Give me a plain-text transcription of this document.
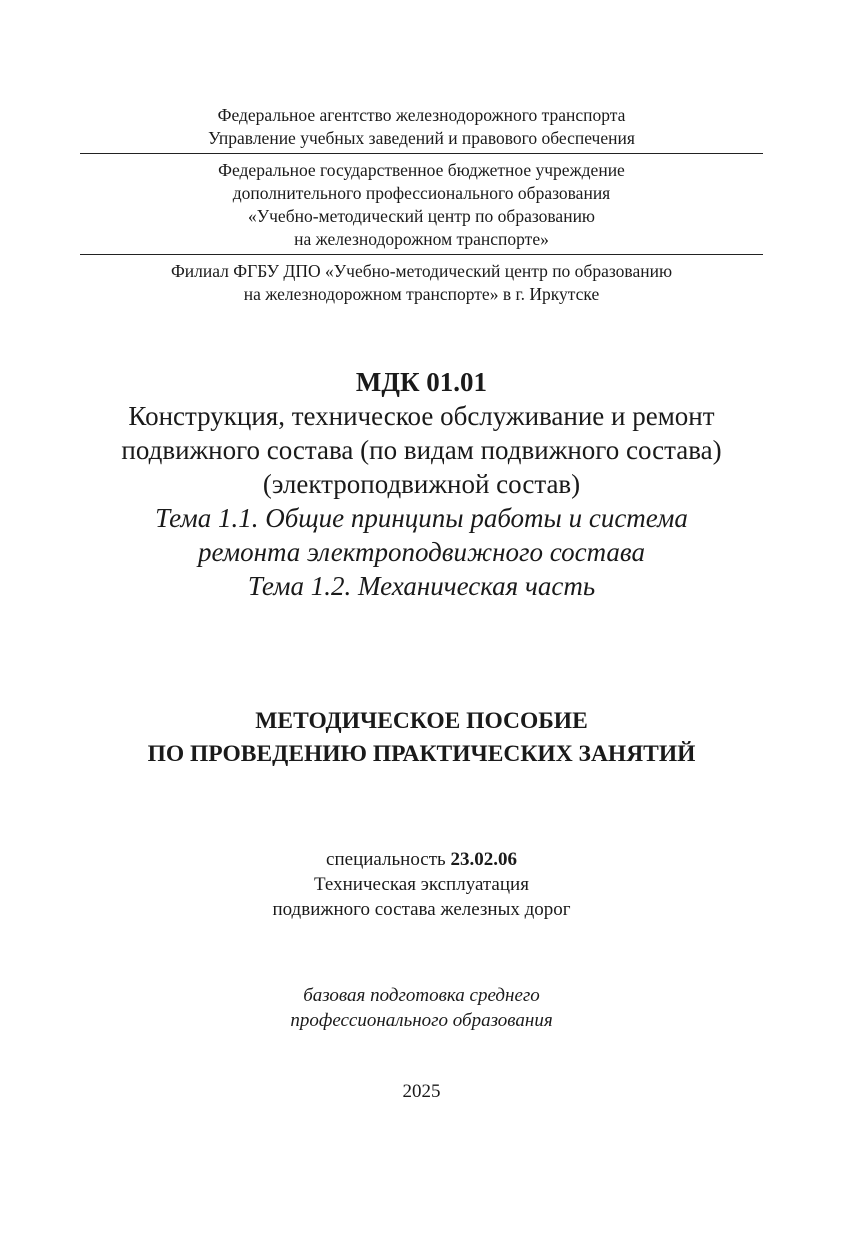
Федеральное агентство железнодорожного транспорта
Управление учебных заведений и правового обеспечения
Федеральное государственное бюджетное учреждение
дополнительного профессионального образования
«Учебно-методический центр по образованию
на железнодорожном транспорте»
Филиал ФГБУ ДПО «Учебно-методический центр по образованию
на железнодорожном транспорте» в г. Иркутске
МДК 01.01
Конструкция, техническое обслуживание и ремонт
подвижного состава (по видам подвижного состава)
(электроподвижной состав)
Тема 1.1. Общие принципы работы и система
ремонта электроподвижного состава
Тема 1.2. Механическая часть
МЕТОДИЧЕСКОЕ ПОСОБИЕ
ПО ПРОВЕДЕНИЮ ПРАКТИЧЕСКИХ ЗАНЯТИЙ
специальность 23.02.06
Техническая эксплуатация
подвижного состава железных дорог
базовая подготовка среднего
профессионального образования
2025
